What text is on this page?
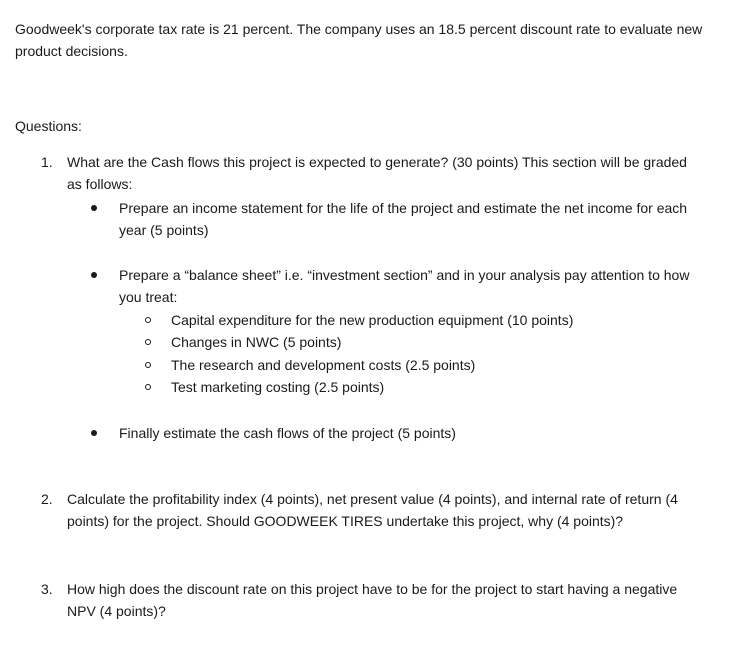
Goodweek's corporate tax rate is 21 percent. The company uses an 18.5 percent discount rate to evaluate new product decisions.

Questions:

1.	What are the Cash flows this project is expected to generate? (30 points) This section will be graded as follows:
Prepare an income statement for the life of the project and estimate the net income for each year (5 points)
Prepare a “balance sheet” i.e. “investment section” and in your analysis pay attention to how you treat:
Capital expenditure for the new production equipment (10 points)
Changes in NWC (5 points)
The research and development costs (2.5 points)
Test marketing costing (2.5 points)
Finally estimate the cash flows of the project (5 points)
2.	Calculate the profitability index (4 points), net present value (4 points), and internal rate of return (4 points) for the project. Should GOODWEEK TIRES undertake this project, why (4 points)?
3.	How high does the discount rate on this project have to be for the project to start having a negative NPV (4 points)?
